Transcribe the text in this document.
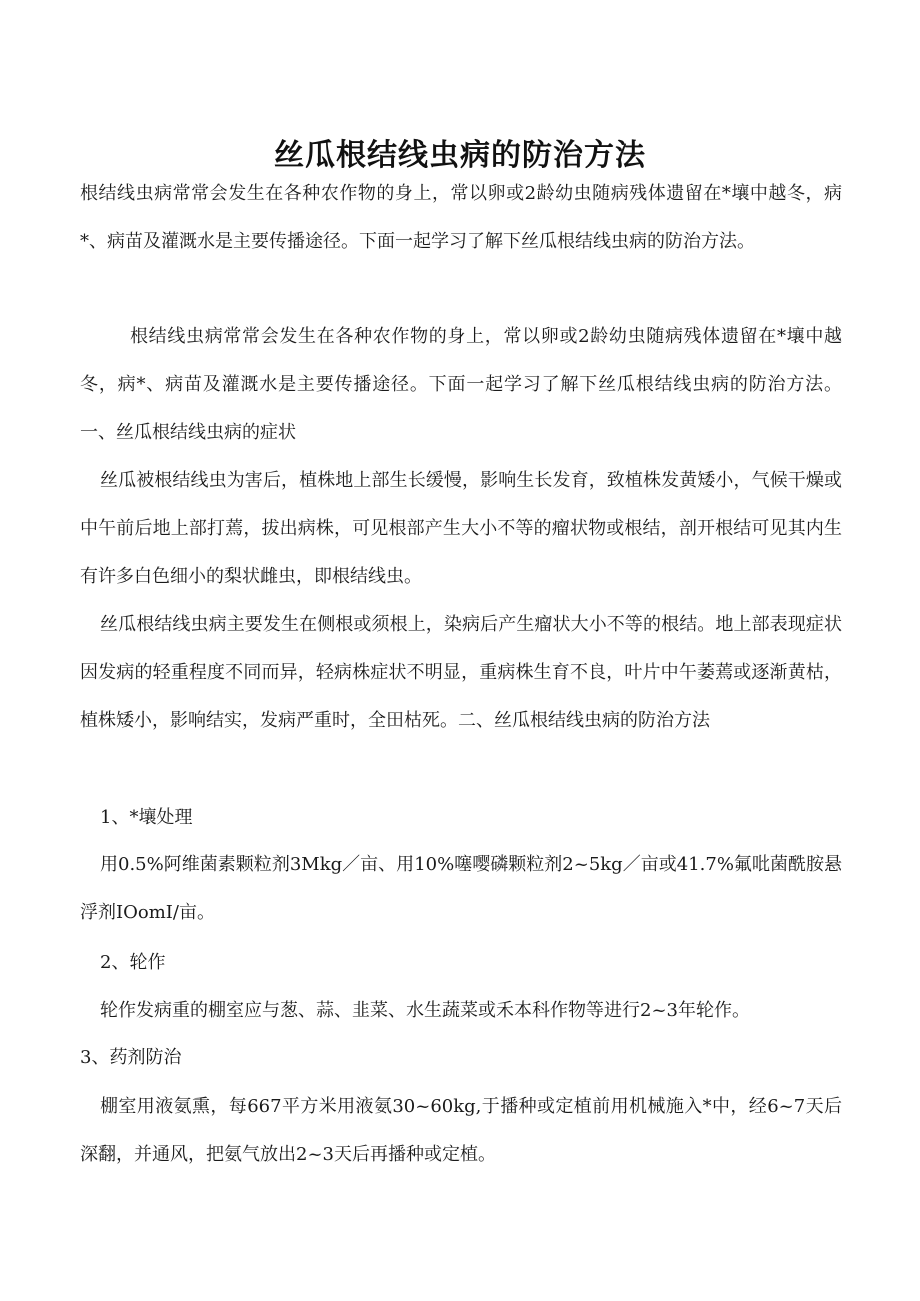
丝瓜根结线虫病的防治方法

根结线虫病常常会发生在各种农作物的身上，常以卵或2龄幼虫随病残体遗留在*壤中越冬，病*、病苗及灌溉水是主要传播途径。下面一起学习了解下丝瓜根结线虫病的防治方法。

根结线虫病常常会发生在各种农作物的身上，常以卵或2龄幼虫随病残体遗留在*壤中越冬，病*、病苗及灌溉水是主要传播途径。下面一起学习了解下丝瓜根结线虫病的防治方法。一、丝瓜根结线虫病的症状

丝瓜被根结线虫为害后，植株地上部生长缓慢，影响生长发育，致植株发黄矮小，气候干燥或中午前后地上部打蔫，拔出病株，可见根部产生大小不等的瘤状物或根结，剖开根结可见其内生有许多白色细小的梨状雌虫，即根结线虫。

丝瓜根结线虫病主要发生在侧根或须根上，染病后产生瘤状大小不等的根结。地上部表现症状因发病的轻重程度不同而异，轻病株症状不明显，重病株生育不良，叶片中午萎蔫或逐渐黄枯，植株矮小，影响结实，发病严重时，全田枯死。二、丝瓜根结线虫病的防治方法

1、*壤处理

用0.5%阿维菌素颗粒剂3Mkg／亩、用10%噻嘤磷颗粒剂2~5kg／亩或41.7%氟吡菌酰胺悬浮剂IOomI/亩。

2、轮作

轮作发病重的棚室应与葱、蒜、韭菜、水生蔬菜或禾本科作物等进行2~3年轮作。

3、药剂防治

棚室用液氨熏，每667平方米用液氨30~60kg,于播种或定植前用机械施入*中，经6~7天后深翻，并通风，把氨气放出2~3天后再播种或定植。
